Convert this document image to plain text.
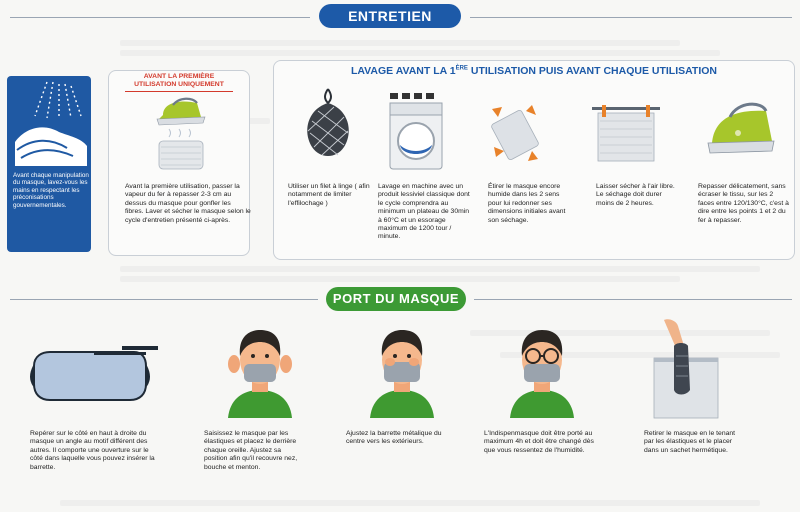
ENTRETIEN
Avant chaque manipulation du masque, lavez-vous les mains en respectant les préconisations gouvernementales.
AVANT LA PREMIÈRE
UTILISATION UNIQUEMENT
Avant la première utilisation, passer la vapeur du fer à repasser 2-3 cm au dessus du masque pour gonfler les fibres. Laver et sécher le masque selon le cycle d'entretien présenté ci-après.
LAVAGE AVANT LA 1ÈRE UTILISATION PUIS AVANT CHAQUE UTILISATION
Utiliser un filet à linge ( afin notamment de limiter l'effilochage )
Lavage en machine avec un produit lessiviel classique dont le cycle comprendra au minimum un plateau de 30min à 60°C et un essorage maximum de 1200 tour / minute.
Étirer le masque encore humide dans les 2 sens pour lui redonner ses dimensions initiales avant son séchage.
Laisser sécher à l'air libre. Le séchage doit durer moins de 2 heures.
Repasser délicatement, sans écraser le tissu, sur les 2 faces entre 120/130°C, c'est à dire entre les points 1 et 2 du fer à repasser.
PORT DU MASQUE
Repérer sur le côté en haut à droite du masque un angle au motif différent des autres. Il comporte une ouverture sur le côté dans laquelle vous pouvez insérer la barrette.
Saisissez le masque par les élastiques et placez le derrière chaque oreille. Ajustez sa position afin qu'il recouvre nez, bouche et menton.
Ajustez la barrette métalique du centre vers les extérieurs.
L'Indispenmasque doit être porté au maximum 4h et doit être changé dès que vous ressentez de l'humidité.
Retirer le masque en le tenant par les élastiques et le placer dans un sachet hermétique.
